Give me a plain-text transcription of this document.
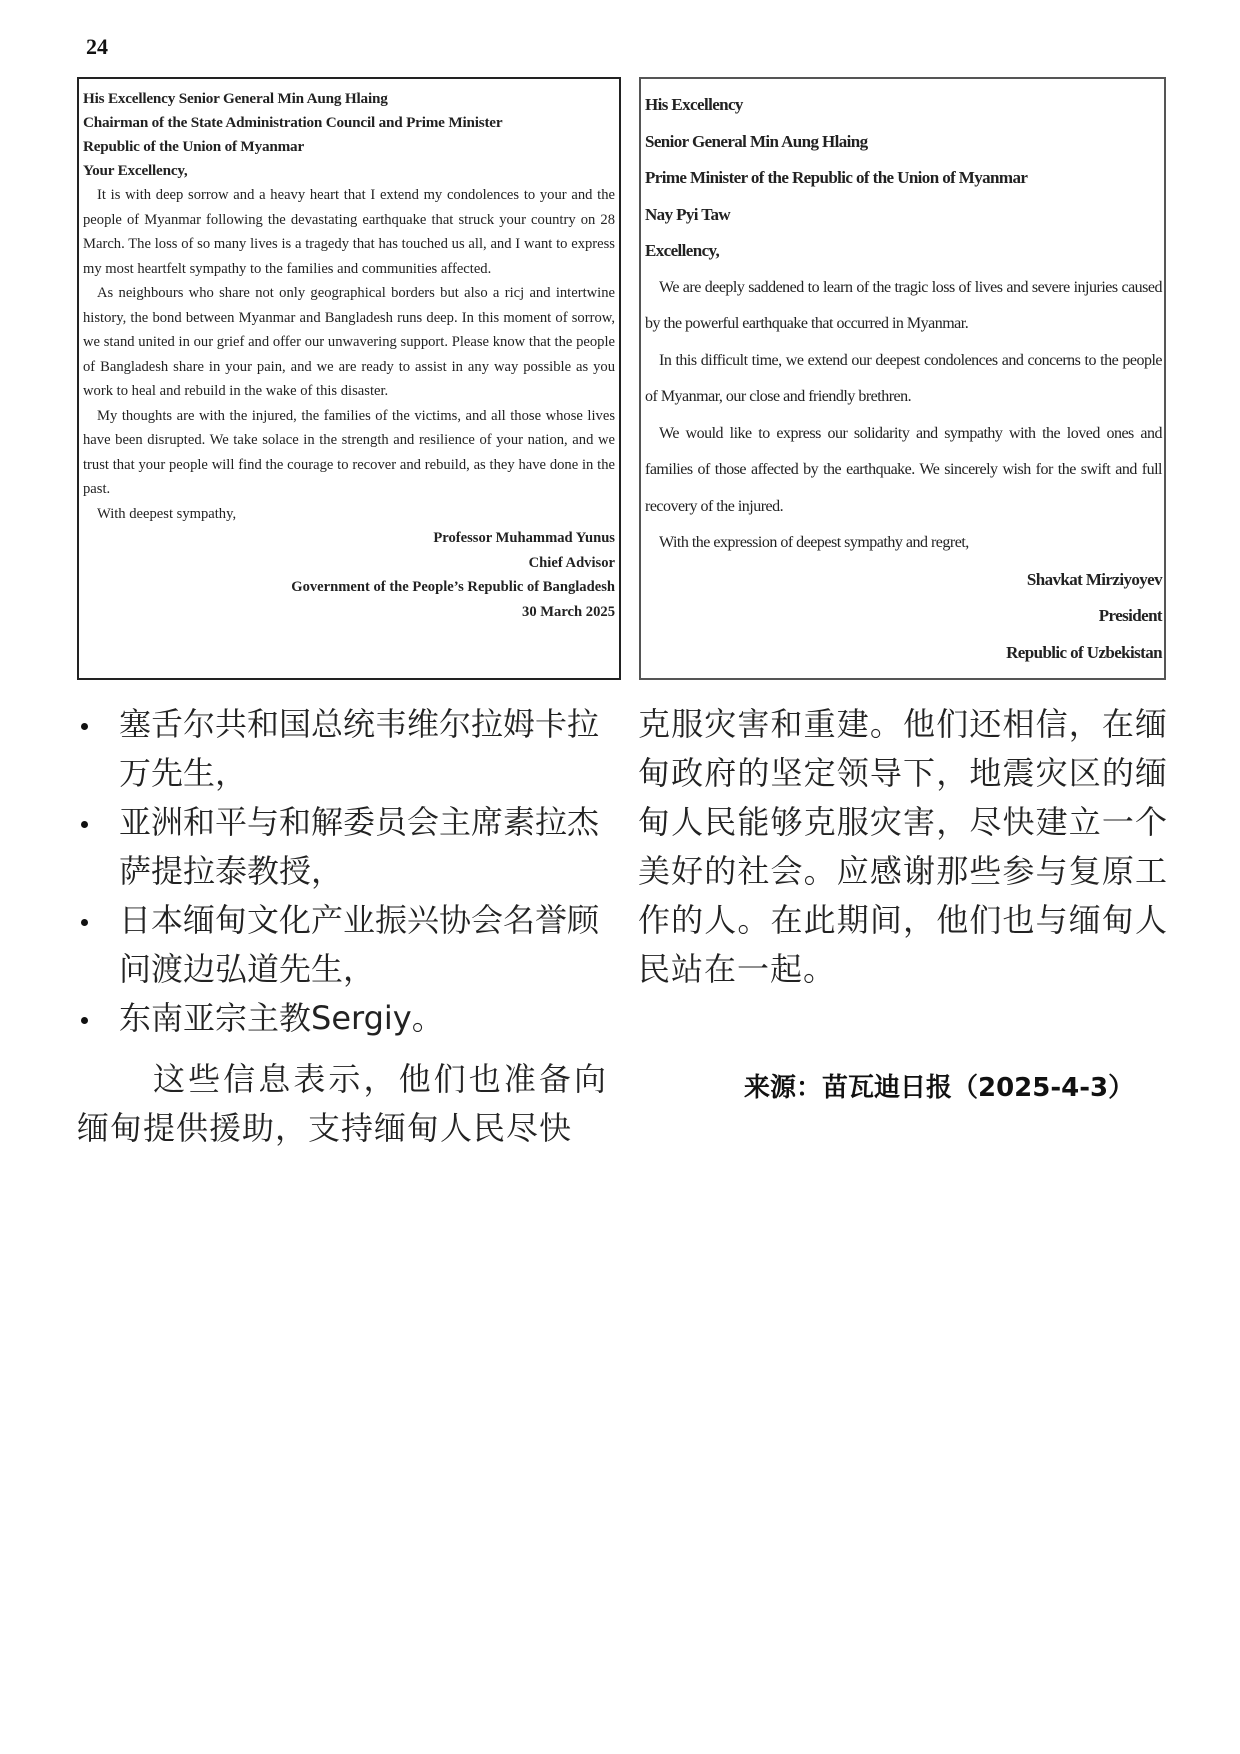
24
His Excellency Senior General Min Aung Hlaing
Chairman of the State Administration Council and Prime Minister
Republic of the Union of Myanmar
Your Excellency,
It is with deep sorrow and a heavy heart that I extend my condolences to your and the people of Myanmar following the devastating earthquake that struck your country on 28 March. The loss of so many lives is a tragedy that has touched us all, and I want to express my most heartfelt sympathy to the families and communities affected.
As neighbours who share not only geographical borders but also a ricj and intertwine history, the bond between Myanmar and Bangladesh runs deep. In this moment of sorrow, we stand united in our grief and offer our unwavering support. Please know that the people of Bangladesh share in your pain, and we are ready to assist in any way possible as you work to heal and rebuild in the wake of this disaster.
My thoughts are with the injured, the families of the victims, and all those whose lives have been disrupted. We take solace in the strength and resilience of your nation, and we trust that your people will find the courage to recover and rebuild, as they have done in the past.
With deepest sympathy,
Professor Muhammad Yunus
Chief Advisor
Government of the People’s Republic of Bangladesh
30 March 2025
His Excellency
Senior General Min Aung Hlaing
Prime Minister of the Republic of the Union of Myanmar
Nay Pyi Taw
Excellency,
We are deeply saddened to learn of the tragic loss of lives and severe injuries caused by the powerful earthquake that occurred in Myanmar.
In this difficult time, we extend our deepest condolences and concerns to the people of Myanmar, our close and friendly brethren.
We would like to express our solidarity and sympathy with the loved ones and families of those affected by the earthquake. We sincerely wish for the swift and full recovery of the injured.
With the expression of deepest sympathy and regret,
Shavkat Mirziyoyev
President
Republic of Uzbekistan
塞舌尔共和国总统韦维尔拉姆卡拉万先生，
亚洲和平与和解委员会主席素拉杰萨提拉泰教授，
日本缅甸文化产业振兴协会名誉顾问渡边弘道先生，
东南亚宗主教Sergiy。

这些信息表示，他们也准备向缅甸提供援助，支持缅甸人民尽快

克服灾害和重建。他们还相信，在缅甸政府的坚定领导下，地震灾区的缅甸人民能够克服灾害，尽快建立一个美好的社会。应感谢那些参与复原工作的人。在此期间，他们也与缅甸人民站在一起。

来源：苗瓦迪日报（2025-4-3）
